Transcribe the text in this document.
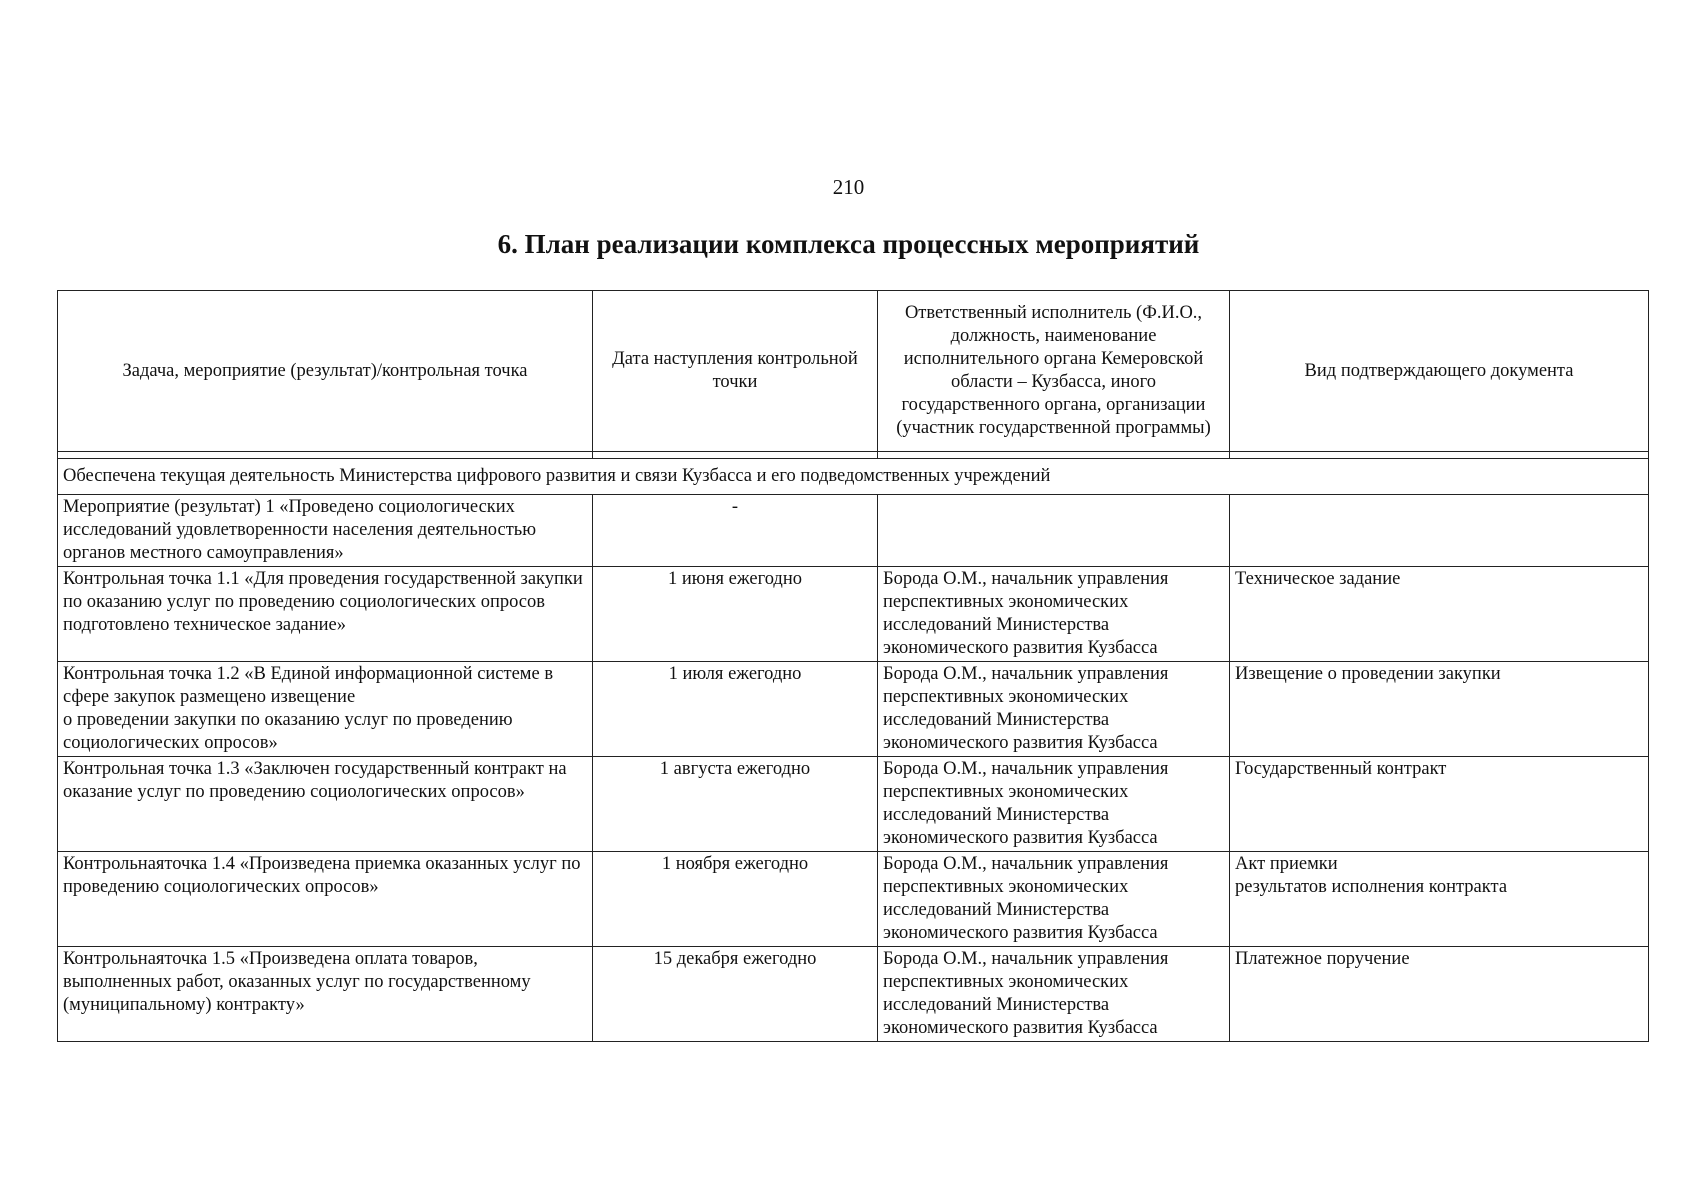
210
6. План реализации комплекса процессных мероприятий
Задача, мероприятие (результат)/контрольная точка	Дата наступления контрольной точки	Ответственный исполнитель (Ф.И.О., должность, наименование исполнительного органа Кемеровской области – Кузбасса, иного государственного органа, организации (участник государственной программы)	Вид подтверждающего документа

Обеспечена текущая деятельность Министерства цифрового развития и связи Кузбасса и его подведомственных учреждений			
Мероприятие (результат) 1 «Проведено социологических исследований удовлетворенности населения деятельностью органов местного самоуправления»	-		
Контрольная точка 1.1 «Для проведения государственной закупки по оказанию услуг по проведению социологических опросов подготовлено техническое задание»	1 июня ежегодно	Борода О.М., начальник управления перспективных экономических исследований Министерства экономического развития Кузбасса	Техническое задание

Контрольная точка 1.2 «В Единой информационной системе в сфере закупок размещено извещение
о проведении закупки по оказанию услуг по проведению социологических опросов»	1 июля ежегодно	Борода О.М., начальник управления перспективных экономических исследований Министерства экономического развития Кузбасса	Извещение о проведении закупки
Контрольная точка 1.3 «Заключен государственный контракт на оказание услуг по проведению социологических опросов»	1 августа ежегодно	Борода О.М., начальник управления перспективных экономических исследований Министерства экономического развития Кузбасса	Государственный контракт
Контрольнаяточка 1.4 «Произведена приемка оказанных услуг по проведению социологических опросов»	1 ноября ежегодно	Борода О.М., начальник управления перспективных экономических исследований Министерства экономического развития Кузбасса	Акт приемки
результатов исполнения контракта

Контрольнаяточка 1.5 «Произведена оплата товаров, выполненных работ, оказанных услуг по государственному (муниципальному) контракту»	15 декабря ежегодно	Борода О.М., начальник управления перспективных экономических исследований Министерства экономического развития Кузбасса	Платежное поручение
